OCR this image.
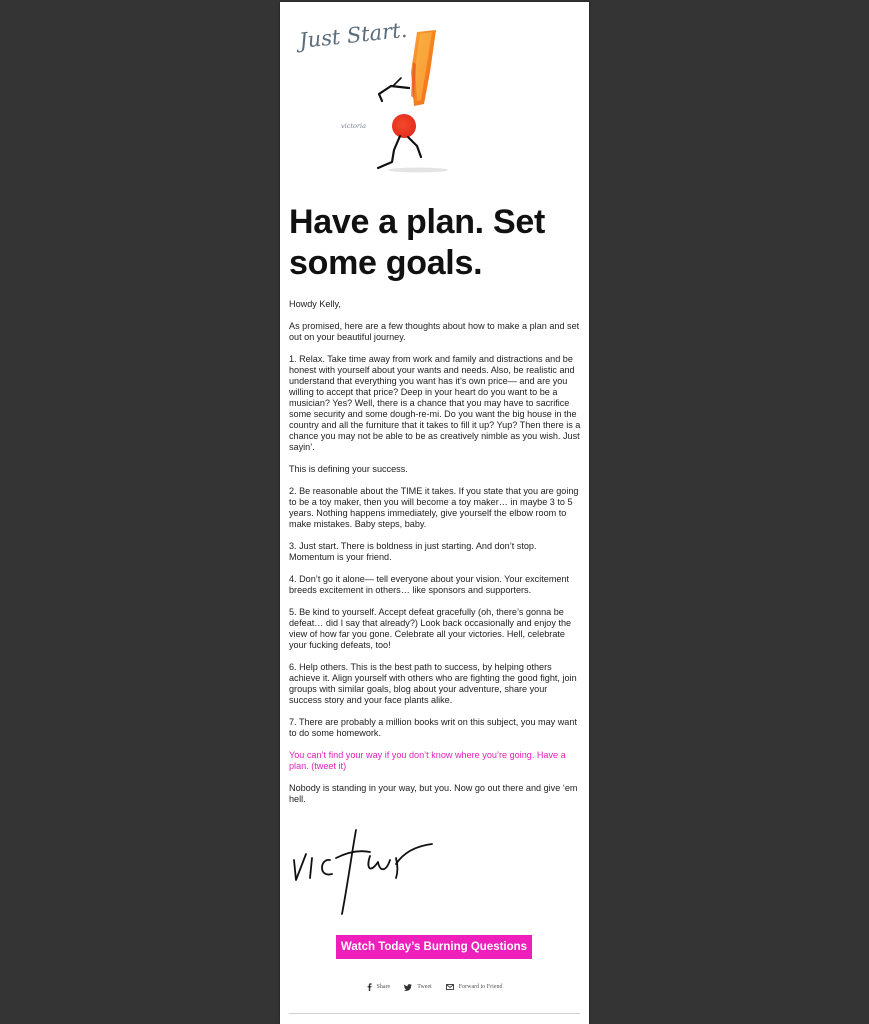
Just Start.
victoria
Have a plan. Set some goals.

Howdy Kelly,

As promised, here are a few thoughts about how to make a plan and set out on your beautiful journey.

1. Relax. Take time away from work and family and distractions and be honest with yourself about your wants and needs. Also, be realistic and understand that everything you want has it’s own price— and are you willing to accept that price? Deep in your heart do you want to be a musician? Yes? Well, there is a chance that you may have to sacrifice some security and some dough-re-mi. Do you want the big house in the country and all the furniture that it takes to fill it up? Yup? Then there is a chance you may not be able to be as creatively nimble as you wish. Just sayin’.

This is defining your success.

2. Be reasonable about the TIME it takes. If you state that you are going to be a toy maker, then you will become a toy maker… in maybe 3 to 5 years. Nothing happens immediately, give yourself the elbow room to make mistakes. Baby steps, baby.

3. Just start. There is boldness in just starting. And don’t stop. Momentum is your friend.

4. Don’t go it alone— tell everyone about your vision. Your excitement breeds excitement in others… like sponsors and supporters.

5. Be kind to yourself. Accept defeat gracefully (oh, there’s gonna be defeat… did I say that already?) Look back occasionally and enjoy the view of how far you gone. Celebrate all your victories. Hell, celebrate your fucking defeats, too!

6. Help others. This is the best path to success, by helping others achieve it. Align yourself with others who are fighting the good fight, join groups with similar goals, blog about your adventure, share your success story and your face plants alike.

7. There are probably a million books writ on this subject, you may want to do some homework.

You can’t find your way if you don’t know where you’re going. Have a plan. (tweet it)

Nobody is standing in your way, but you. Now go out there and give ‘em hell.

Watch Today’s Burning Questions
Share	Tweet	Forward to Friend
